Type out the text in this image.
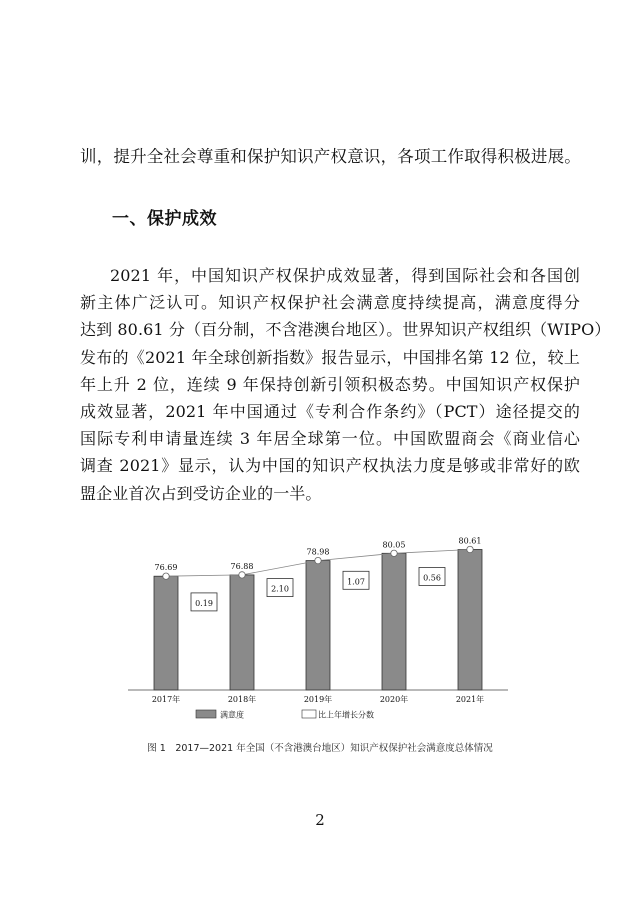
训，提升全社会尊重和保护知识产权意识，各项工作取得积极进展。
一、保护成效
2021 年，中国知识产权保护成效显著，得到国际社会和各国创
新主体广泛认可。知识产权保护社会满意度持续提高，满意度得分
达到 80.61 分（百分制，不含港澳台地区）。世界知识产权组织（WIPO）
发布的《2021 年全球创新指数》报告显示，中国排名第 12 位，较上
年上升 2 位，连续 9 年保持创新引领积极态势。中国知识产权保护
成效显著，2021 年中国通过《专利合作条约》（PCT）途径提交的
国际专利申请量连续 3 年居全球第一位。中国欧盟商会《商业信心
调查 2021》显示，认为中国的知识产权执法力度是够或非常好的欧
盟企业首次占到受访企业的一半。
0.19
2.10
1.07	0.56
76.69	76.88
78.98
80.05	80.61
2017年	2018年	2019年	2020年	2021年
满意度	比上年增长分数
图 1　2017—2021 年全国（不含港澳台地区）知识产权保护社会满意度总体情况
2
